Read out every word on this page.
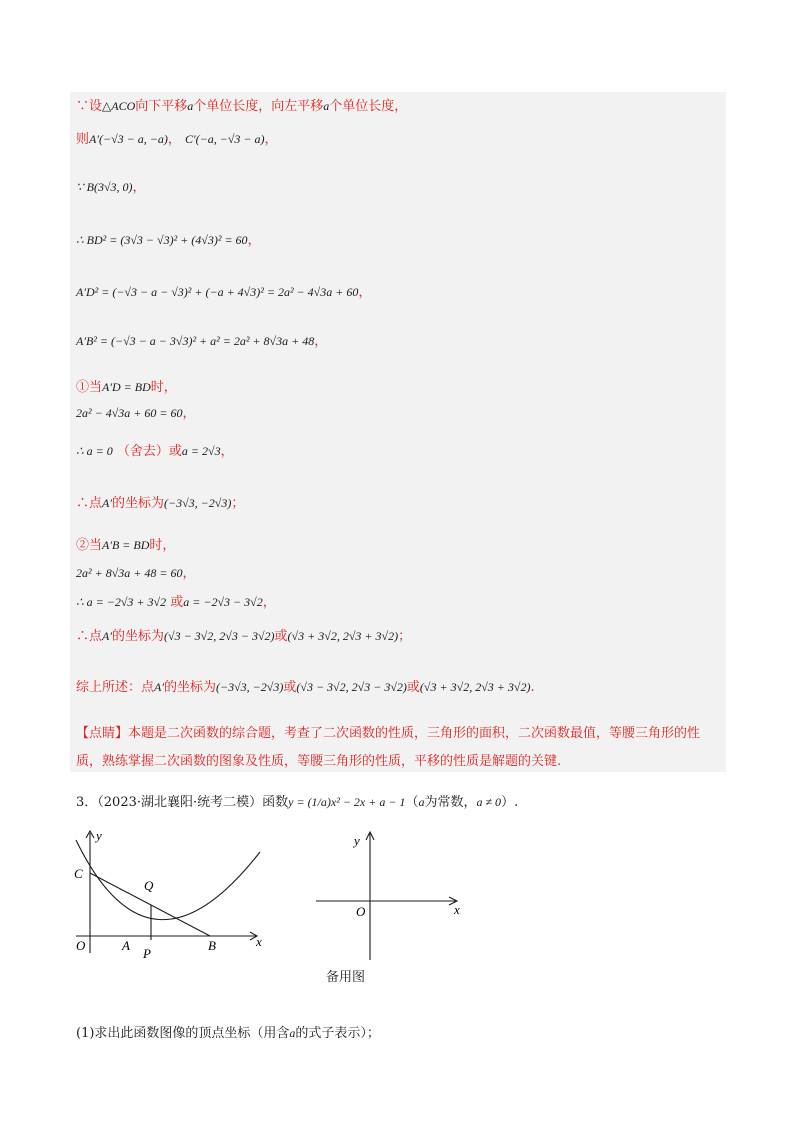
∵设△ACO向下平移a个单位长度，向左平移a个单位长度，
则A′(−√3 − a, −a)， C′(−a, −√3 − a)，
∵ B(3√3, 0)，
∴ BD² = (3√3 − √3)² + (4√3)² = 60，
A′D² = (−√3 − a − √3)² + (−a + 4√3)² = 2a² − 4√3a + 60，
A′B² = (−√3 − a − 3√3)² + a² = 2a² + 8√3a + 48，
①当A′D = BD时，
2a² − 4√3a + 60 = 60，
∴ a = 0 （舍去）或a = 2√3，
∴点A′的坐标为(−3√3, −2√3)；
②当A′B = BD时，
2a² + 8√3a + 48 = 60，
∴ a = −2√3 + 3√2 或a = −2√3 − 3√2，
∴点A′的坐标为(√3 − 3√2, 2√3 − 3√2)或(√3 + 3√2, 2√3 + 3√2)；
综上所述：点A′的坐标为(−3√3, −2√3)或(√3 − 3√2, 2√3 − 3√2)或(√3 + 3√2, 2√3 + 3√2).
【点睛】本题是二次函数的综合题，考查了二次函数的性质，三角形的面积，二次函数最值，等腰三角形的性质，熟练掌握二次函数的图象及性质，等腰三角形的性质，平移的性质是解题的关键.
3．（2023·湖北襄阳·统考二模）函数y = (1/a)x² − 2x + a − 1（a为常数，a ≠ 0）.
C
Q
O	A
P
B	x
y	y
O	x
备用图
(1)求出此函数图像的顶点坐标（用含a的式子表示）；
